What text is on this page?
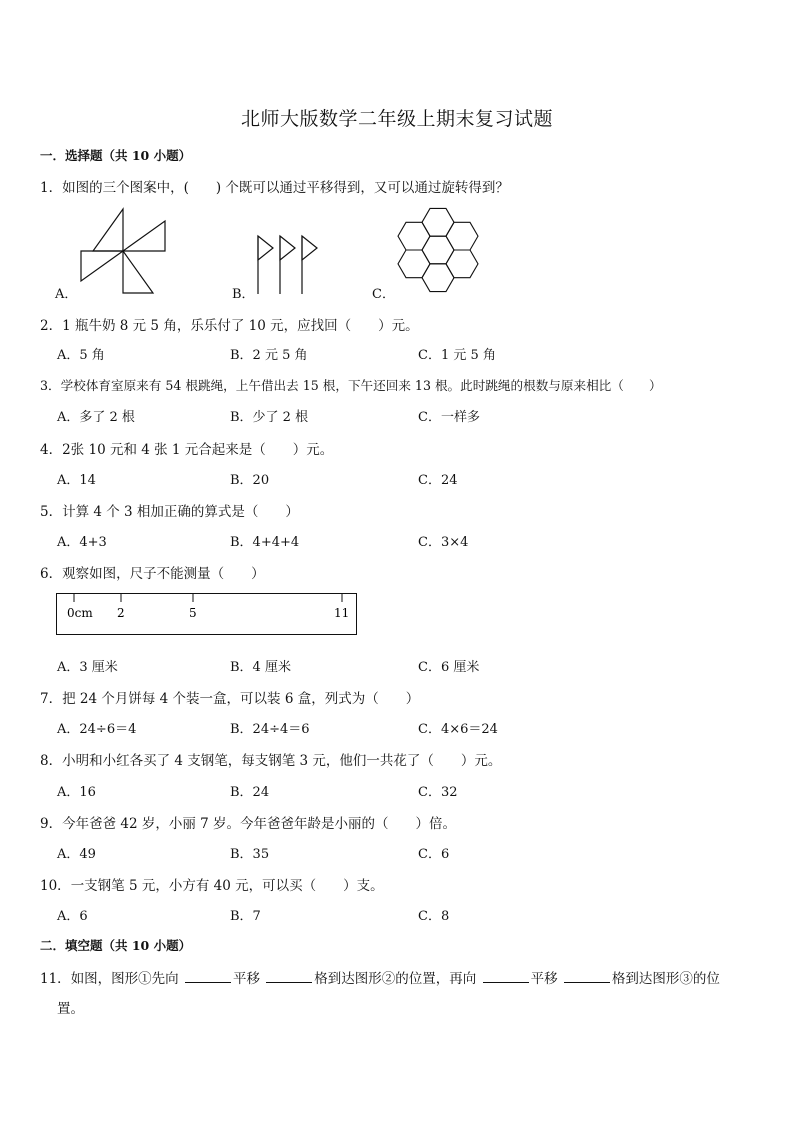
北师大版数学二年级上期末复习试题
一．选择题（共 10 小题）
1．如图的三个图案中，(　　) 个既可以通过平移得到，又可以通过旋转得到？
A．	B．	C．
2．1 瓶牛奶 8 元 5 角，乐乐付了 10 元，应找回（　　）元。
A．5 角	B．2 元 5 角	C．1 元 5 角
3．学校体育室原来有 54 根跳绳，上午借出去 15 根，下午还回来 13 根。此时跳绳的根数与原来相比（　　）
A．多了 2 根	B．少了 2 根	C．一样多
4．2张 10 元和 4 张 1 元合起来是（　　）元。
A．14	B．20	C．24
5．计算 4 个 3 相加正确的算式是（　　）
A．4+3	B．4+4+4	C．3×4
6．观察如图，尺子不能测量（　　）
0cm 2	5	11
A．3 厘米	B．4 厘米	C．6 厘米
7．把 24 个月饼每 4 个装一盒，可以装 6 盒，列式为（　　）
A．24÷6＝4	B．24÷4＝6	C．4×6＝24
8．小明和小红各买了 4 支钢笔，每支钢笔 3 元，他们一共花了（　　）元。
A．16	B．24	C．32
9．今年爸爸 42 岁，小丽 7 岁。今年爸爸年龄是小丽的（　　）倍。
A．49	B．35	C．6
10．一支钢笔 5 元，小方有 40 元，可以买（　　）支。
A．6	B．7	C．8
二．填空题（共 10 小题）
11．如图，图形①先向	平移	格到达图形②的位置，再向	平移	格到达图形③的位
置。
